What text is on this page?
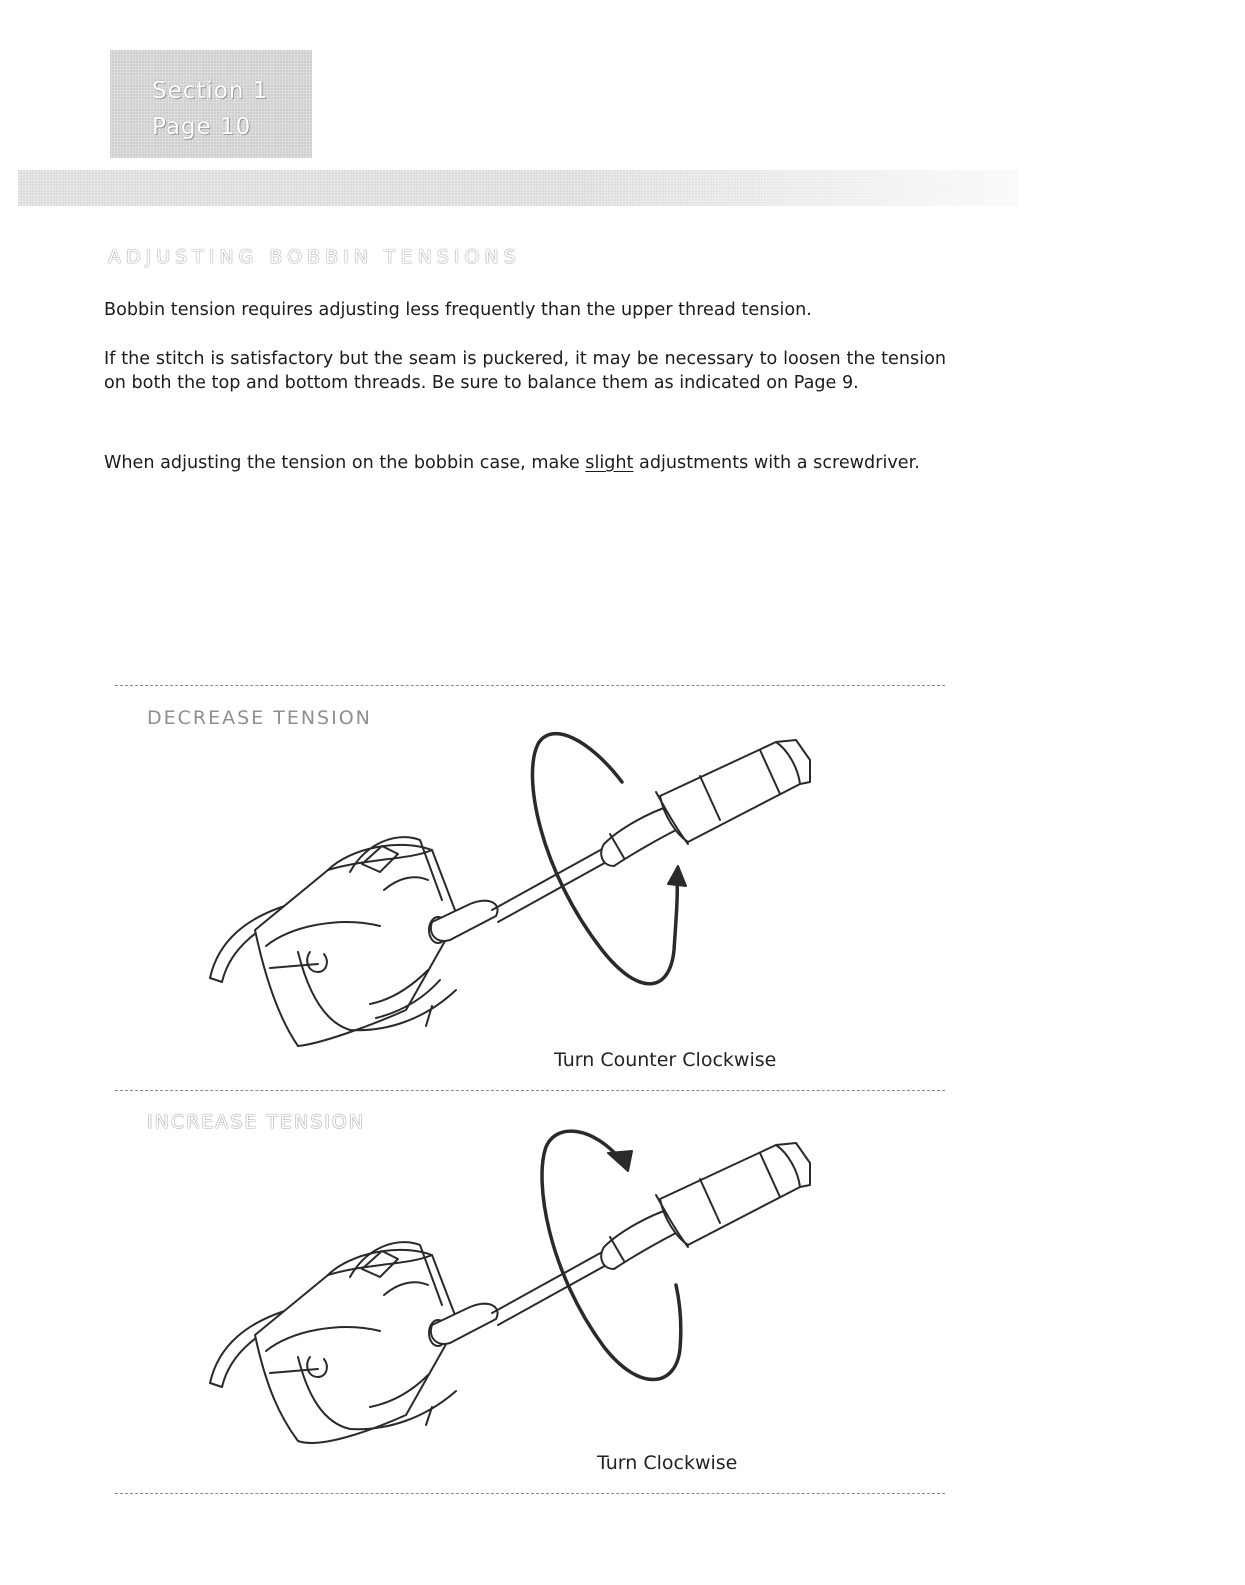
Section 1
Page 10
ADJUSTING BOBBIN TENSIONS

Bobbin tension requires adjusting less frequently than the upper thread tension.

If the stitch is satisfactory but the seam is puckered, it may be necessary to loosen the tension on both the top and bottom threads. Be sure to balance them as indicated on Page 9.

When adjusting the tension on the bobbin case, make slight adjustments with a screwdriver.

DECREASE TENSION

Turn Counter Clockwise

INCREASE TENSION

Turn Clockwise
